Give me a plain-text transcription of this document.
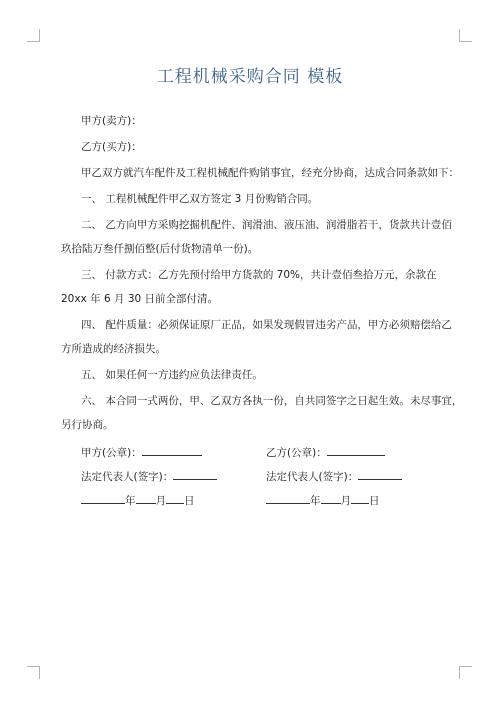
工程机械采购合同 模板
甲方(卖方)：
乙方(买方)：
甲乙双方就汽车配件及工程机械配件购销事宜，经充分协商，达成合同条款如下：
一、 工程机械配件甲乙双方签定 3 月份购销合同。
二、 乙方向甲方采购挖掘机配件、润滑油、液压油、润滑脂若干，货款共计壹佰
玖拾陆万叁仟捌佰整(后付货物清单一份)。
三、 付款方式：乙方先预付给甲方货款的 70%，共计壹佰叁拾万元，余款在
20xx 年 6 月 30 日前全部付清。
四、 配件质量：必须保证原厂正品，如果发现假冒违劣产品，甲方必须赔偿给乙
方所造成的经济损失。
五、 如果任何一方违约应负法律责任。
六、 本合同一式两份，甲、乙双方各执一份，自共同签字之日起生效。未尽事宜，
另行协商。
甲方(公章)：	乙方(公章)：
法定代表人(签字)：	法定代表人(签字)：
年 月 日	年 月 日
